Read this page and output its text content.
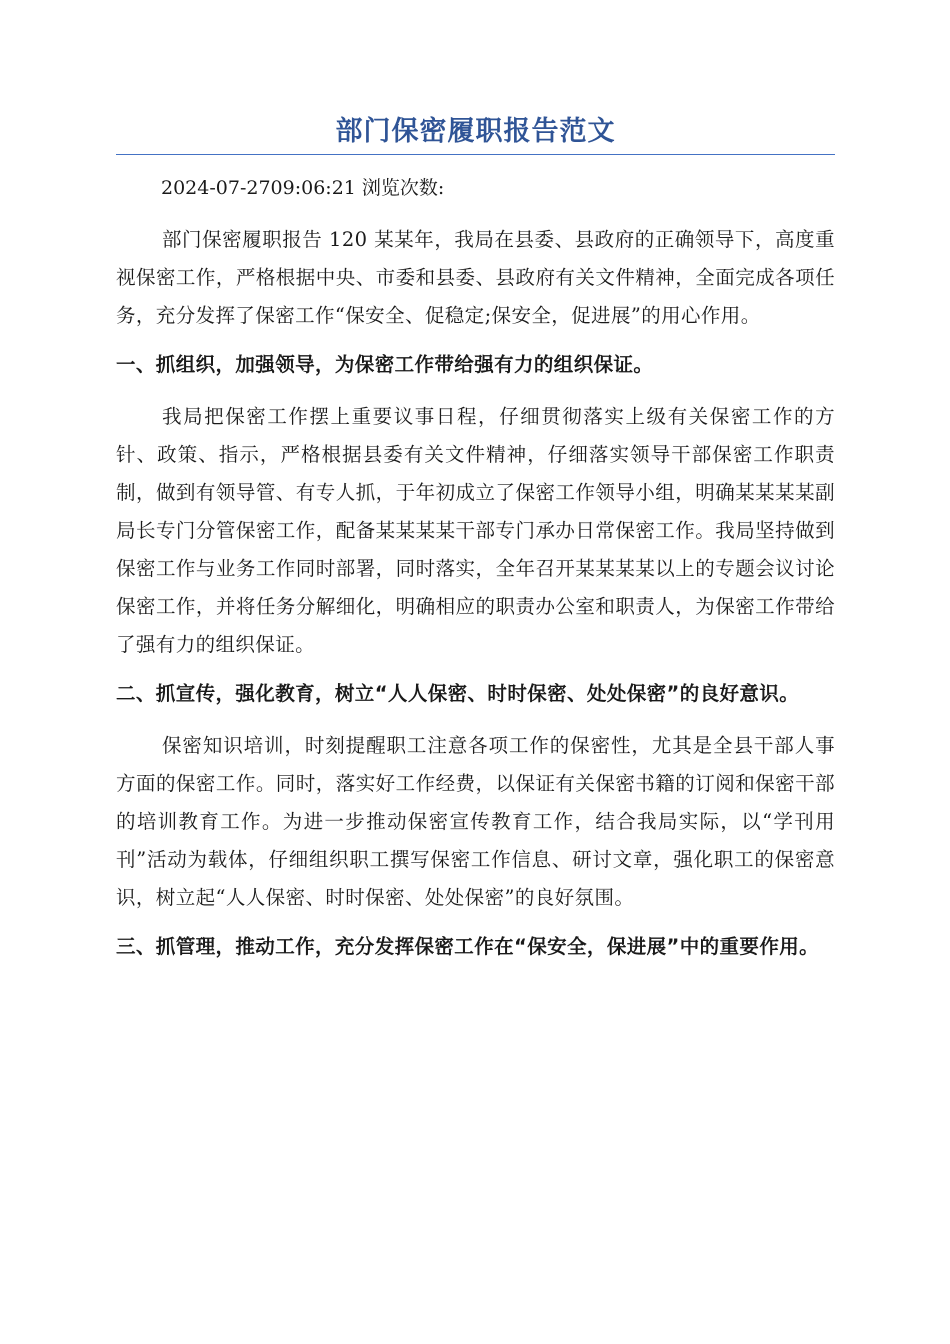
部门保密履职报告范文

2024-07-2709:06:21 浏览次数:

部门保密履职报告 120 某某年，我局在县委、县政府的正确领导下，高度重视保密工作，严格根据中央、市委和县委、县政府有关文件精神，全面完成各项任务，充分发挥了保密工作“保安全、促稳定;保安全，促进展”的用心作用。

一、抓组织，加强领导，为保密工作带给强有力的组织保证。

我局把保密工作摆上重要议事日程，仔细贯彻落实上级有关保密工作的方针、政策、指示，严格根据县委有关文件精神，仔细落实领导干部保密工作职责制，做到有领导管、有专人抓，于年初成立了保密工作领导小组，明确某某某某副局长专门分管保密工作，配备某某某某干部专门承办日常保密工作。我局坚持做到保密工作与业务工作同时部署，同时落实，全年召开某某某某以上的专题会议讨论保密工作，并将任务分解细化，明确相应的职责办公室和职责人，为保密工作带给了强有力的组织保证。

二、抓宣传，强化教育，树立“人人保密、时时保密、处处保密”的良好意识。

保密知识培训，时刻提醒职工注意各项工作的保密性，尤其是全县干部人事方面的保密工作。同时，落实好工作经费，以保证有关保密书籍的订阅和保密干部的培训教育工作。为进一步推动保密宣传教育工作，结合我局实际，以“学刊用刊”活动为载体，仔细组织职工撰写保密工作信息、研讨文章，强化职工的保密意识，树立起“人人保密、时时保密、处处保密”的良好氛围。

三、抓管理，推动工作，充分发挥保密工作在“保安全，保进展”中的重要作用。
